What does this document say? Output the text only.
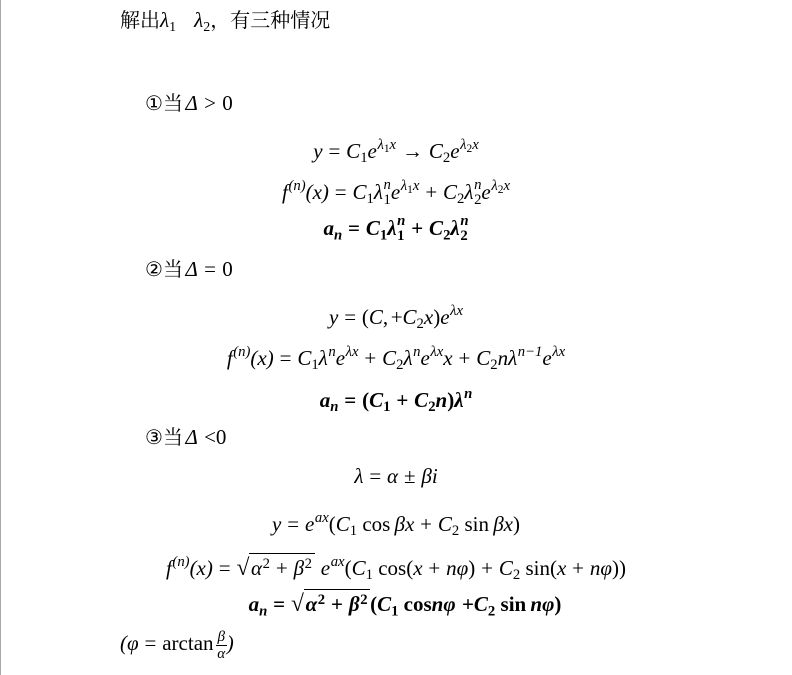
解出$\lambda_1$ $\lambda_2$，有三种情况
①当 Δ > 0
$y = C_1e^{\lambda 1x} \to C_2e^{\lambda 2x}$
$f^{(n)}(x) = C_1\lambda$ n
1 $e^{\lambda 1x} + C_2\lambda$ n
2 $e^{\lambda 2x}$
$a_n = C_1\lambda$ n
$1 + C_2\lambda$ n
2
②当 Δ = 0
y = (C, $+C_2x)e^{\lambda x}$
$f^{(n)}(x) = C_1\lambda^ne^{\lambda x} + C_2\lambda^ne^{\lambda x}x + C_2n\lambda^{n-1}e^{\lambda x}$
$a_n = (C_1 + C_2n)\lambda^n$
③当 Δ <0
λ = α ± βi
$y = e^{ax}(C_1$ $\cos \beta x + C_2$ sin βx)
$f^{(n)}(x) = √\alpha^2 + \beta^2$ $e^{ax}(C_1$ $\cos(x + n\varphi) + C_2$ sin(x + nφ))
$a_n = √\alpha^2 + \beta^2$ ($C_1$ $\cos n\varphi +C_2$ sin nφ)
($\varphi = \arctan \frac{\beta}{\alpha}$ )
